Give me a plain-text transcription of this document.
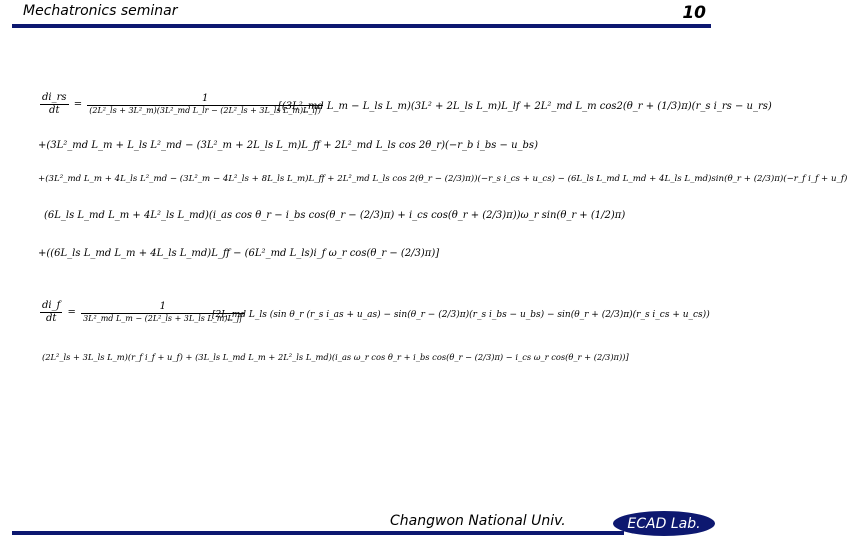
Mechatronics seminar	10
$\frac{di\_rs}{dt} = \frac{1}{\text{(2L²\_ls + 3L²\_m)(3L²\_md L\_lr − (2L²\_ls + 3L\_ls L\_m)L\_lf)}}$
[(3L²_md L_m − L_ls L_m)(3L² + 2L_ls L_m)L_lf + 2L²_md L_m cos2(θ_r + (1/3)π)(r_s i_rs − u_rs)
+(3L²_md L_m + L_ls L²_md − (3L²_m + 2L_ls L_m)L_ff + 2L²_md L_ls cos 2θ_r)(−r_b i_bs − u_bs)
+(3L²_md L_m + 4L_ls L²_md − (3L²_m − 4L²_ls + 8L_ls L_m)L_ff + 2L²_md L_ls cos 2(θ_r − (2/3)π))(−r_s i_cs + u_cs) − (6L_ls L_md L_md + 4L_ls L_md)sin(θ_r + (2/3)π)(−r_f i_f + u_f)
(6L_ls L_md L_m + 4L²_ls L_md)(i_as cos θ_r − i_bs cos(θ_r − (2/3)π) + i_cs cos(θ_r + (2/3)π))ω_r sin(θ_r + (1/2)π)
+((6L_ls L_md L_m + 4L_ls L_md)L_ff − (6L²_md L_ls)i_f ω_r cos(θ_r − (2/3)π)]
$\frac{di\_f}{dt} = \frac{1}{\text{3L²\_md L\_m − (2L²\_ls + 3L\_ls L\_m)L\_ff}}$
[2L_md L_ls (sin θ_r (r_s i_as + u_as) − sin(θ_r − (2/3)π)(r_s i_bs − u_bs) − sin(θ_r + (2/3)π)(r_s i_cs + u_cs))
(2L²_ls + 3L_ls L_m)(r_f i_f + u_f) + (3L_ls L_md L_m + 2L²_ls L_md)(i_as ω_r cos θ_r + i_bs cos(θ_r − (2/3)π) − i_cs ω_r cos(θ_r + (2/3)π))]
Changwon National Univ.	ECAD Lab.
